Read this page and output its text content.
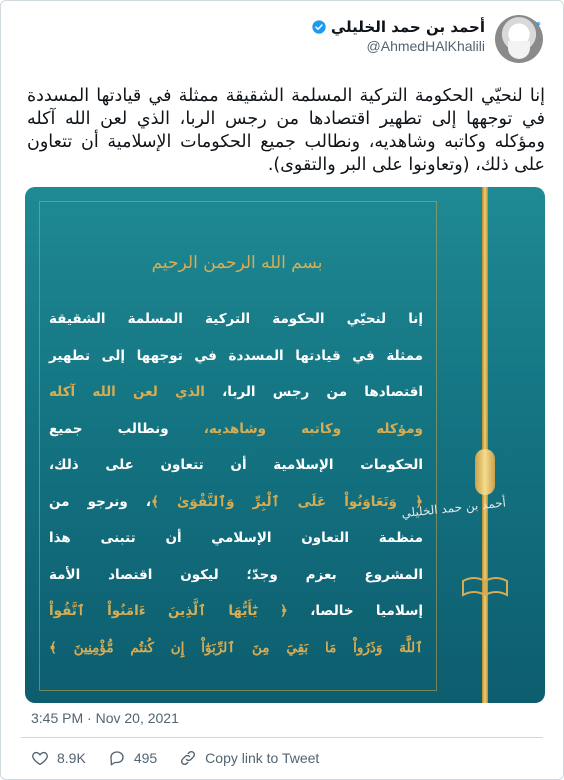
أحمد بن حمد الخليلي
@AhmedHAlKhalili
إنا لنحيّي الحكومة التركية المسلمة الشقيقة ممثلة في قيادتها المسددة في توجهها إلى تطهير اقتصادها من رجس الربا، الذي لعن الله آكله ومؤكله وكاتبه وشاهديه، ونطالب جميع الحكومات الإسلامية أن تتعاون على ذلك، (وتعاونوا على البر والتقوى).
أحمد بن حمد الخليلي
بسم الله الرحمن الرحيم
إنا لنحيّي الحكومة التركية المسلمة الشقيقة
ممثلة في قيادتها المسددة في توجهها إلى تطهير
اقتصادها من رجس الربا، الذي لعن الله آكله
ومؤكله وكاتبه وشاهديه، ونطالب جميع
الحكومات الإسلامية أن تتعاون على ذلك،
﴿ وَتَعَاوَنُواْ عَلَى ٱلْبِرِّ وَٱلتَّقْوَىٰ ﴾، ونرجو من
منظمة التعاون الإسلامي أن تتبنى هذا
المشروع بعزم وجدّ؛ ليكون اقتصاد الأمة
إسلاميا خالصا، ﴿ يَٰٓأَيُّهَا ٱلَّذِينَ ءَامَنُواْ ٱتَّقُواْ
ٱللَّهَ وَذَرُواْ مَا بَقِيَ مِنَ ٱلرِّبَوٰٓاْ إِن كُنتُم مُّؤْمِنِينَ ﴾
3:45 PM · Nov 20, 2021
8.9K	495	Copy link to Tweet
